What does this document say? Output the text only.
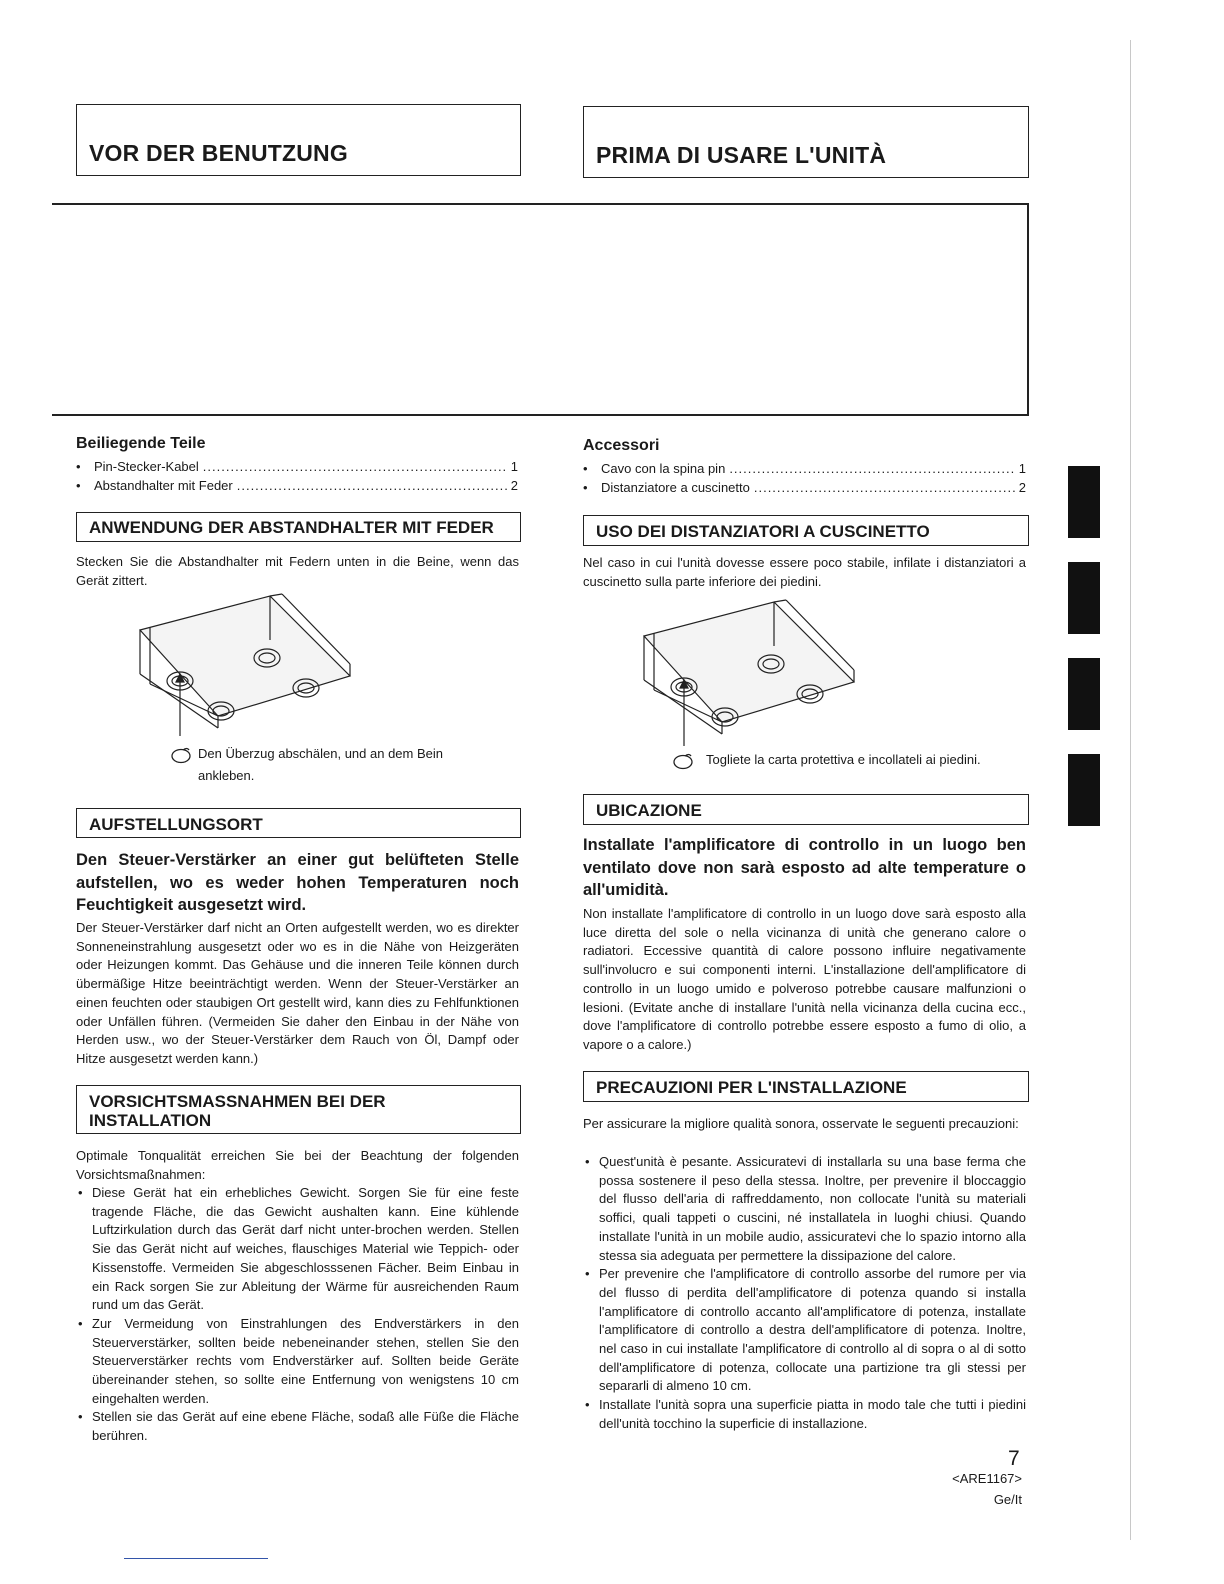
VOR DER BENUTZUNG	PRIMA DI USARE L'UNITÀ
Beiliegende Teile
•	Pin-Stecker-Kabel .....	1
•	Abstandhalter mit Feder .....	2
ANWENDUNG DER ABSTANDHALTER MIT FEDER
Stecken Sie die Abstandhalter mit Federn unten in die Beine, wenn das Gerät zittert.
Den Überzug abschälen, und an dem Bein ankleben.
AUFSTELLUNGSORT
Den Steuer-Verstärker an einer gut belüfteten Stelle aufstellen, wo es weder hohen Temperaturen noch Feuchtigkeit ausgesetzt wird.
Der Steuer-Verstärker darf nicht an Orten aufgestellt werden, wo es direkter Sonneneinstrahlung ausgesetzt oder wo es in die Nähe von Heizgeräten oder Heizungen kommt. Das Gehäuse und die inneren Teile können durch übermäßige Hitze beeinträchtigt werden. Wenn der Steuer-Verstärker an einen feuchten oder staubigen Ort gestellt wird, kann dies zu Fehlfunktionen oder Unfällen führen. (Vermeiden Sie daher den Einbau in der Nähe von Herden usw., wo der Steuer-Verstärker dem Rauch von Öl, Dampf oder Hitze ausgesetzt werden kann.)
VORSICHTSMASSNAHMEN BEI DER
INSTALLATION
Optimale Tonqualität erreichen Sie bei der Beachtung der folgenden Vorsichtsmaßnahmen:
• Diese Gerät hat ein erhebliches Gewicht. Sorgen Sie für eine feste tragende Fläche, die das Gewicht aushalten kann. Eine kühlende Luftzirkulation durch das Gerät darf nicht unter-brochen werden. Stellen Sie das Gerät nicht auf weiches, flauschiges Material wie Teppich- oder Kissenstoffe. Vermeiden Sie abgeschlosssenen Fächer. Beim Einbau in ein Rack sorgen Sie zur Ableitung der Wärme für ausreichenden Raum rund um das Gerät.
• Zur Vermeidung von Einstrahlungen des Endverstärkers in den Steuerverstärker, sollten beide nebeneinander stehen, stellen Sie den Steuerverstärker rechts vom Endverstärker auf. Sollten beide Geräte übereinander stehen, so sollte eine Entfernung von wenigstens 10 cm eingehalten werden.
• Stellen sie das Gerät auf eine ebene Fläche, sodaß alle Füße die Fläche berühren.
Accessori
•	Cavo con la spina pin .....	1
•	Distanziatore a cuscinetto .....	2
USO DEI DISTANZIATORI A CUSCINETTO
Nel caso in cui l'unità dovesse essere poco stabile, infilate i distanziatori a cuscinetto sulla parte inferiore dei piedini.
Togliete la carta protettiva e incollateli ai piedini.
UBICAZIONE
Installate l'amplificatore di controllo in un luogo ben ventilato dove non sarà esposto ad alte temperature o all'umidità.
Non installate l'amplificatore di controllo in un luogo dove sarà esposto alla luce diretta del sole o nella vicinanza di unità che generano calore o radiatori. Eccessive quantità di calore possono influire negativamente sull'involucro e sui componenti interni. L'installazione dell'amplificatore di controllo in un luogo umido e polveroso potrebbe causare malfunzioni o lesioni. (Evitate anche di installare l'unità nella vicinanza della cucina ecc., dove l'amplificatore di controllo potrebbe essere esposto a fumo di olio, a vapore o a calore.)
PRECAUZIONI PER L'INSTALLAZIONE
Per assicurare la migliore qualità sonora, osservate le seguenti precauzioni:
• Quest'unità è pesante. Assicuratevi di installarla su una base ferma che possa sostenere il peso della stessa. Inoltre, per prevenire il bloccaggio del flusso dell'aria di raffreddamento, non collocate l'unità su materiali soffici, quali tappeti o cuscini, né installatela in luoghi chiusi. Quando installate l'unità in un mobile audio, assicuratevi che lo spazio intorno alla stessa sia adeguata per permettere la dissipazione del calore.
• Per prevenire che l'amplificatore di controllo assorbe del rumore per via del flusso di perdita dell'amplificatore di potenza quando si installa l'amplificatore di controllo accanto all'amplificatore di potenza, installate l'amplificatore di controllo a destra dell'amplificatore di potenza. Inoltre, nel caso in cui installate l'amplificatore di controllo al di sopra o al di sotto dell'amplificatore di potenza, collocate una partizione tra gli stessi per separarli di almeno 10 cm.
• Installate l'unità sopra una superficie piatta in modo tale che tutti i piedini dell'unità tocchino la superficie di installazione.
7
<ARE1167>
Ge/It
